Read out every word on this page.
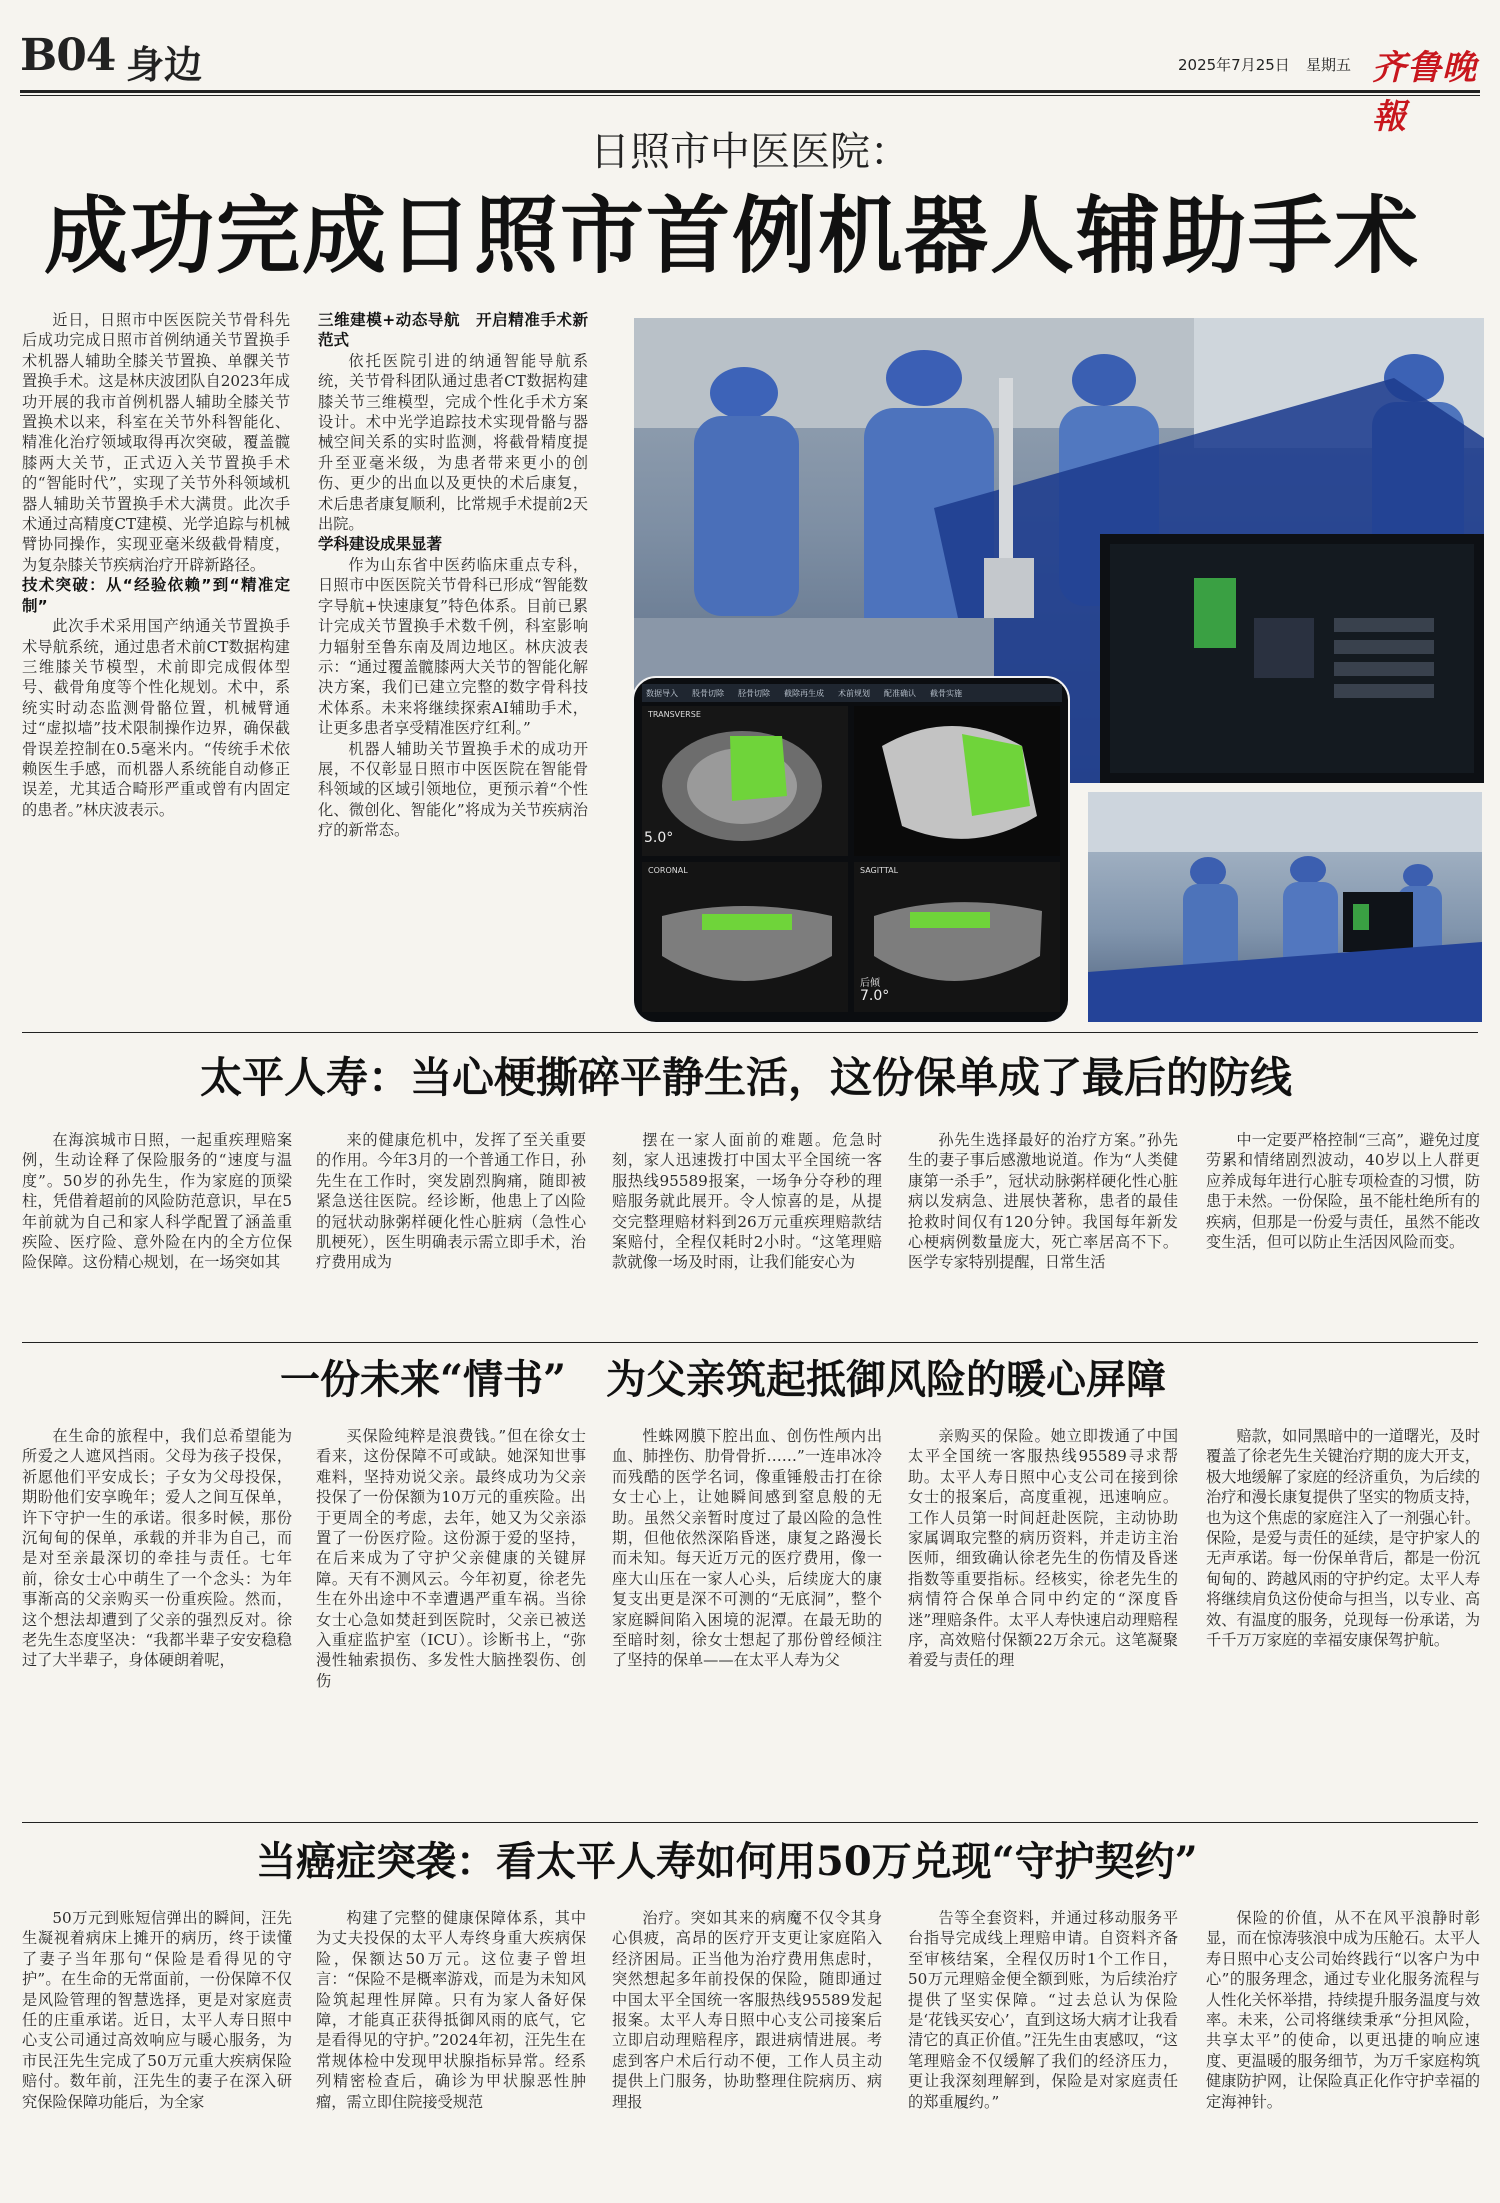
B04 身边	2025年7月25日 星期五 齐鲁晚報
日照市中医医院：
成功完成日照市首例机器人辅助手术

近日，日照市中医医院关节骨科先后成功完成日照市首例纳通关节置换手术机器人辅助全膝关节置换、单髁关节置换手术。这是林庆波团队自2023年成功开展的我市首例机器人辅助全膝关节置换术以来，科室在关节外科智能化、精准化治疗领域取得再次突破，覆盖髋膝两大关节，正式迈入关节置换手术的“智能时代”，实现了关节外科领域机器人辅助关节置换手术大满贯。此次手术通过高精度CT建模、光学追踪与机械臂协同操作，实现亚毫米级截骨精度，为复杂膝关节疾病治疗开辟新路径。

技术突破：从“经验依赖”到“精准定制”

此次手术采用国产纳通关节置换手术导航系统，通过患者术前CT数据构建三维膝关节模型，术前即完成假体型号、截骨角度等个性化规划。术中，系统实时动态监测骨骼位置，机械臂通过“虚拟墙”技术限制操作边界，确保截骨误差控制在0.5毫米内。“传统手术依赖医生手感，而机器人系统能自动修正误差，尤其适合畸形严重或曾有内固定的患者。”林庆波表示。

三维建模+动态导航　开启精准手术新范式

依托医院引进的纳通智能导航系统，关节骨科团队通过患者CT数据构建膝关节三维模型，完成个性化手术方案设计。术中光学追踪技术实现骨骼与器械空间关系的实时监测，将截骨精度提升至亚毫米级，为患者带来更小的创伤、更少的出血以及更快的术后康复，术后患者康复顺利，比常规手术提前2天出院。

学科建设成果显著

作为山东省中医药临床重点专科，日照市中医医院关节骨科已形成“智能数字导航+快速康复”特色体系。目前已累计完成关节置换手术数千例，科室影响力辐射至鲁东南及周边地区。林庆波表示：“通过覆盖髋膝两大关节的智能化解决方案，我们已建立完整的数字骨科技术体系。未来将继续探索AI辅助手术，让更多患者享受精准医疗红利。”

机器人辅助关节置换手术的成功开展，不仅彰显日照市中医医院在智能骨科领域的区域引领地位，更预示着“个性化、微创化、智能化”将成为关节疾病治疗的新常态。

数据导入	股骨切除	胫骨切除	截除再生成	术前规划	配准确认	截骨实施
TRANSVERSE
CORONAL	SAGITTAL
5.0°
后倾
7.0°
太平人寿：当心梗撕碎平静生活，这份保单成了最后的防线

在海滨城市日照，一起重疾理赔案例，生动诠释了保险服务的“速度与温度”。50岁的孙先生，作为家庭的顶梁柱，凭借着超前的风险防范意识，早在5年前就为自己和家人科学配置了涵盖重疾险、医疗险、意外险在内的全方位保险保障。这份精心规划，在一场突如其

来的健康危机中，发挥了至关重要的作用。今年3月的一个普通工作日，孙先生在工作时，突发剧烈胸痛，随即被紧急送往医院。经诊断，他患上了凶险的冠状动脉粥样硬化性心脏病（急性心肌梗死），医生明确表示需立即手术，治疗费用成为

摆在一家人面前的难题。危急时刻，家人迅速拨打中国太平全国统一客服热线95589报案，一场争分夺秒的理赔服务就此展开。令人惊喜的是，从提交完整理赔材料到26万元重疾理赔款结案赔付，全程仅耗时2小时。“这笔理赔款就像一场及时雨，让我们能安心为

孙先生选择最好的治疗方案。”孙先生的妻子事后感激地说道。作为“人类健康第一杀手”，冠状动脉粥样硬化性心脏病以发病急、进展快著称，患者的最佳抢救时间仅有120分钟。我国每年新发心梗病例数量庞大，死亡率居高不下。医学专家特别提醒，日常生活

中一定要严格控制“三高”，避免过度劳累和情绪剧烈波动，40岁以上人群更应养成每年进行心脏专项检查的习惯，防患于未然。一份保险，虽不能杜绝所有的疾病，但那是一份爱与责任，虽然不能改变生活，但可以防止生活因风险而变。

一份未来“情书”　为父亲筑起抵御风险的暖心屏障

在生命的旅程中，我们总希望能为所爱之人遮风挡雨。父母为孩子投保，祈愿他们平安成长；子女为父母投保，期盼他们安享晚年；爱人之间互保单，许下守护一生的承诺。很多时候，那份沉甸甸的保单，承载的并非为自己，而是对至亲最深切的牵挂与责任。七年前，徐女士心中萌生了一个念头：为年事渐高的父亲购买一份重疾险。然而，这个想法却遭到了父亲的强烈反对。徐老先生态度坚决：“我都半辈子安安稳稳过了大半辈子，身体硬朗着呢，

买保险纯粹是浪费钱。”但在徐女士看来，这份保障不可或缺。她深知世事难料，坚持劝说父亲。最终成功为父亲投保了一份保额为10万元的重疾险。出于更周全的考虑，去年，她又为父亲添置了一份医疗险。这份源于爱的坚持，在后来成为了守护父亲健康的关键屏障。天有不测风云。今年初夏，徐老先生在外出途中不幸遭遇严重车祸。当徐女士心急如焚赶到医院时，父亲已被送入重症监护室（ICU）。诊断书上，“弥漫性轴索损伤、多发性大脑挫裂伤、创伤

性蛛网膜下腔出血、创伤性颅内出血、肺挫伤、肋骨骨折……”一连串冰冷而残酷的医学名词，像重锤般击打在徐女士心上，让她瞬间感到窒息般的无助。虽然父亲暂时度过了最凶险的急性期，但他依然深陷昏迷，康复之路漫长而未知。每天近万元的医疗费用，像一座大山压在一家人心头，后续庞大的康复支出更是深不可测的“无底洞”，整个家庭瞬间陷入困境的泥潭。在最无助的至暗时刻，徐女士想起了那份曾经倾注了坚持的保单——在太平人寿为父

亲购买的保险。她立即拨通了中国太平全国统一客服热线95589寻求帮助。太平人寿日照中心支公司在接到徐女士的报案后，高度重视，迅速响应。工作人员第一时间赶赴医院，主动协助家属调取完整的病历资料，并走访主治医师，细致确认徐老先生的伤情及昏迷指数等重要指标。经核实，徐老先生的病情符合保单合同中约定的“深度昏迷”理赔条件。太平人寿快速启动理赔程序，高效赔付保额22万余元。这笔凝聚着爱与责任的理

赔款，如同黑暗中的一道曙光，及时覆盖了徐老先生关键治疗期的庞大开支，极大地缓解了家庭的经济重负，为后续的治疗和漫长康复提供了坚实的物质支持，也为这个焦虑的家庭注入了一剂强心针。保险，是爱与责任的延续，是守护家人的无声承诺。每一份保单背后，都是一份沉甸甸的、跨越风雨的守护约定。太平人寿将继续肩负这份使命与担当，以专业、高效、有温度的服务，兑现每一份承诺，为千千万万家庭的幸福安康保驾护航。

当癌症突袭：看太平人寿如何用50万兑现“守护契约”

50万元到账短信弹出的瞬间，汪先生凝视着病床上摊开的病历，终于读懂了妻子当年那句“保险是看得见的守护”。在生命的无常面前，一份保障不仅是风险管理的智慧选择，更是对家庭责任的庄重承诺。近日，太平人寿日照中心支公司通过高效响应与暖心服务，为市民汪先生完成了50万元重大疾病保险赔付。数年前，汪先生的妻子在深入研究保险保障功能后，为全家

构建了完整的健康保障体系，其中为丈夫投保的太平人寿终身重大疾病保险，保额达50万元。这位妻子曾坦言：“保险不是概率游戏，而是为未知风险筑起理性屏障。只有为家人备好保障，才能真正获得抵御风雨的底气，它是看得见的守护。”2024年初，汪先生在常规体检中发现甲状腺指标异常。经系列精密检查后，确诊为甲状腺恶性肿瘤，需立即住院接受规范

治疗。突如其来的病魔不仅令其身心俱疲，高昂的医疗开支更让家庭陷入经济困局。正当他为治疗费用焦虑时，突然想起多年前投保的保险，随即通过中国太平全国统一客服热线95589发起报案。太平人寿日照中心支公司接案后立即启动理赔程序，跟进病情进展。考虑到客户术后行动不便，工作人员主动提供上门服务，协助整理住院病历、病理报

告等全套资料，并通过移动服务平台指导完成线上理赔申请。自资料齐备至审核结案，全程仅历时1个工作日，50万元理赔金便全额到账，为后续治疗提供了坚实保障。“过去总认为保险是‘花钱买安心’，直到这场大病才让我看清它的真正价值。”汪先生由衷感叹，“这笔理赔金不仅缓解了我们的经济压力，更让我深刻理解到，保险是对家庭责任的郑重履约。”

保险的价值，从不在风平浪静时彰显，而在惊涛骇浪中成为压舱石。太平人寿日照中心支公司始终践行“以客户为中心”的服务理念，通过专业化服务流程与人性化关怀举措，持续提升服务温度与效率。未来，公司将继续秉承“分担风险，共享太平”的使命，以更迅捷的响应速度、更温暖的服务细节，为万千家庭构筑健康防护网，让保险真正化作守护幸福的定海神针。
